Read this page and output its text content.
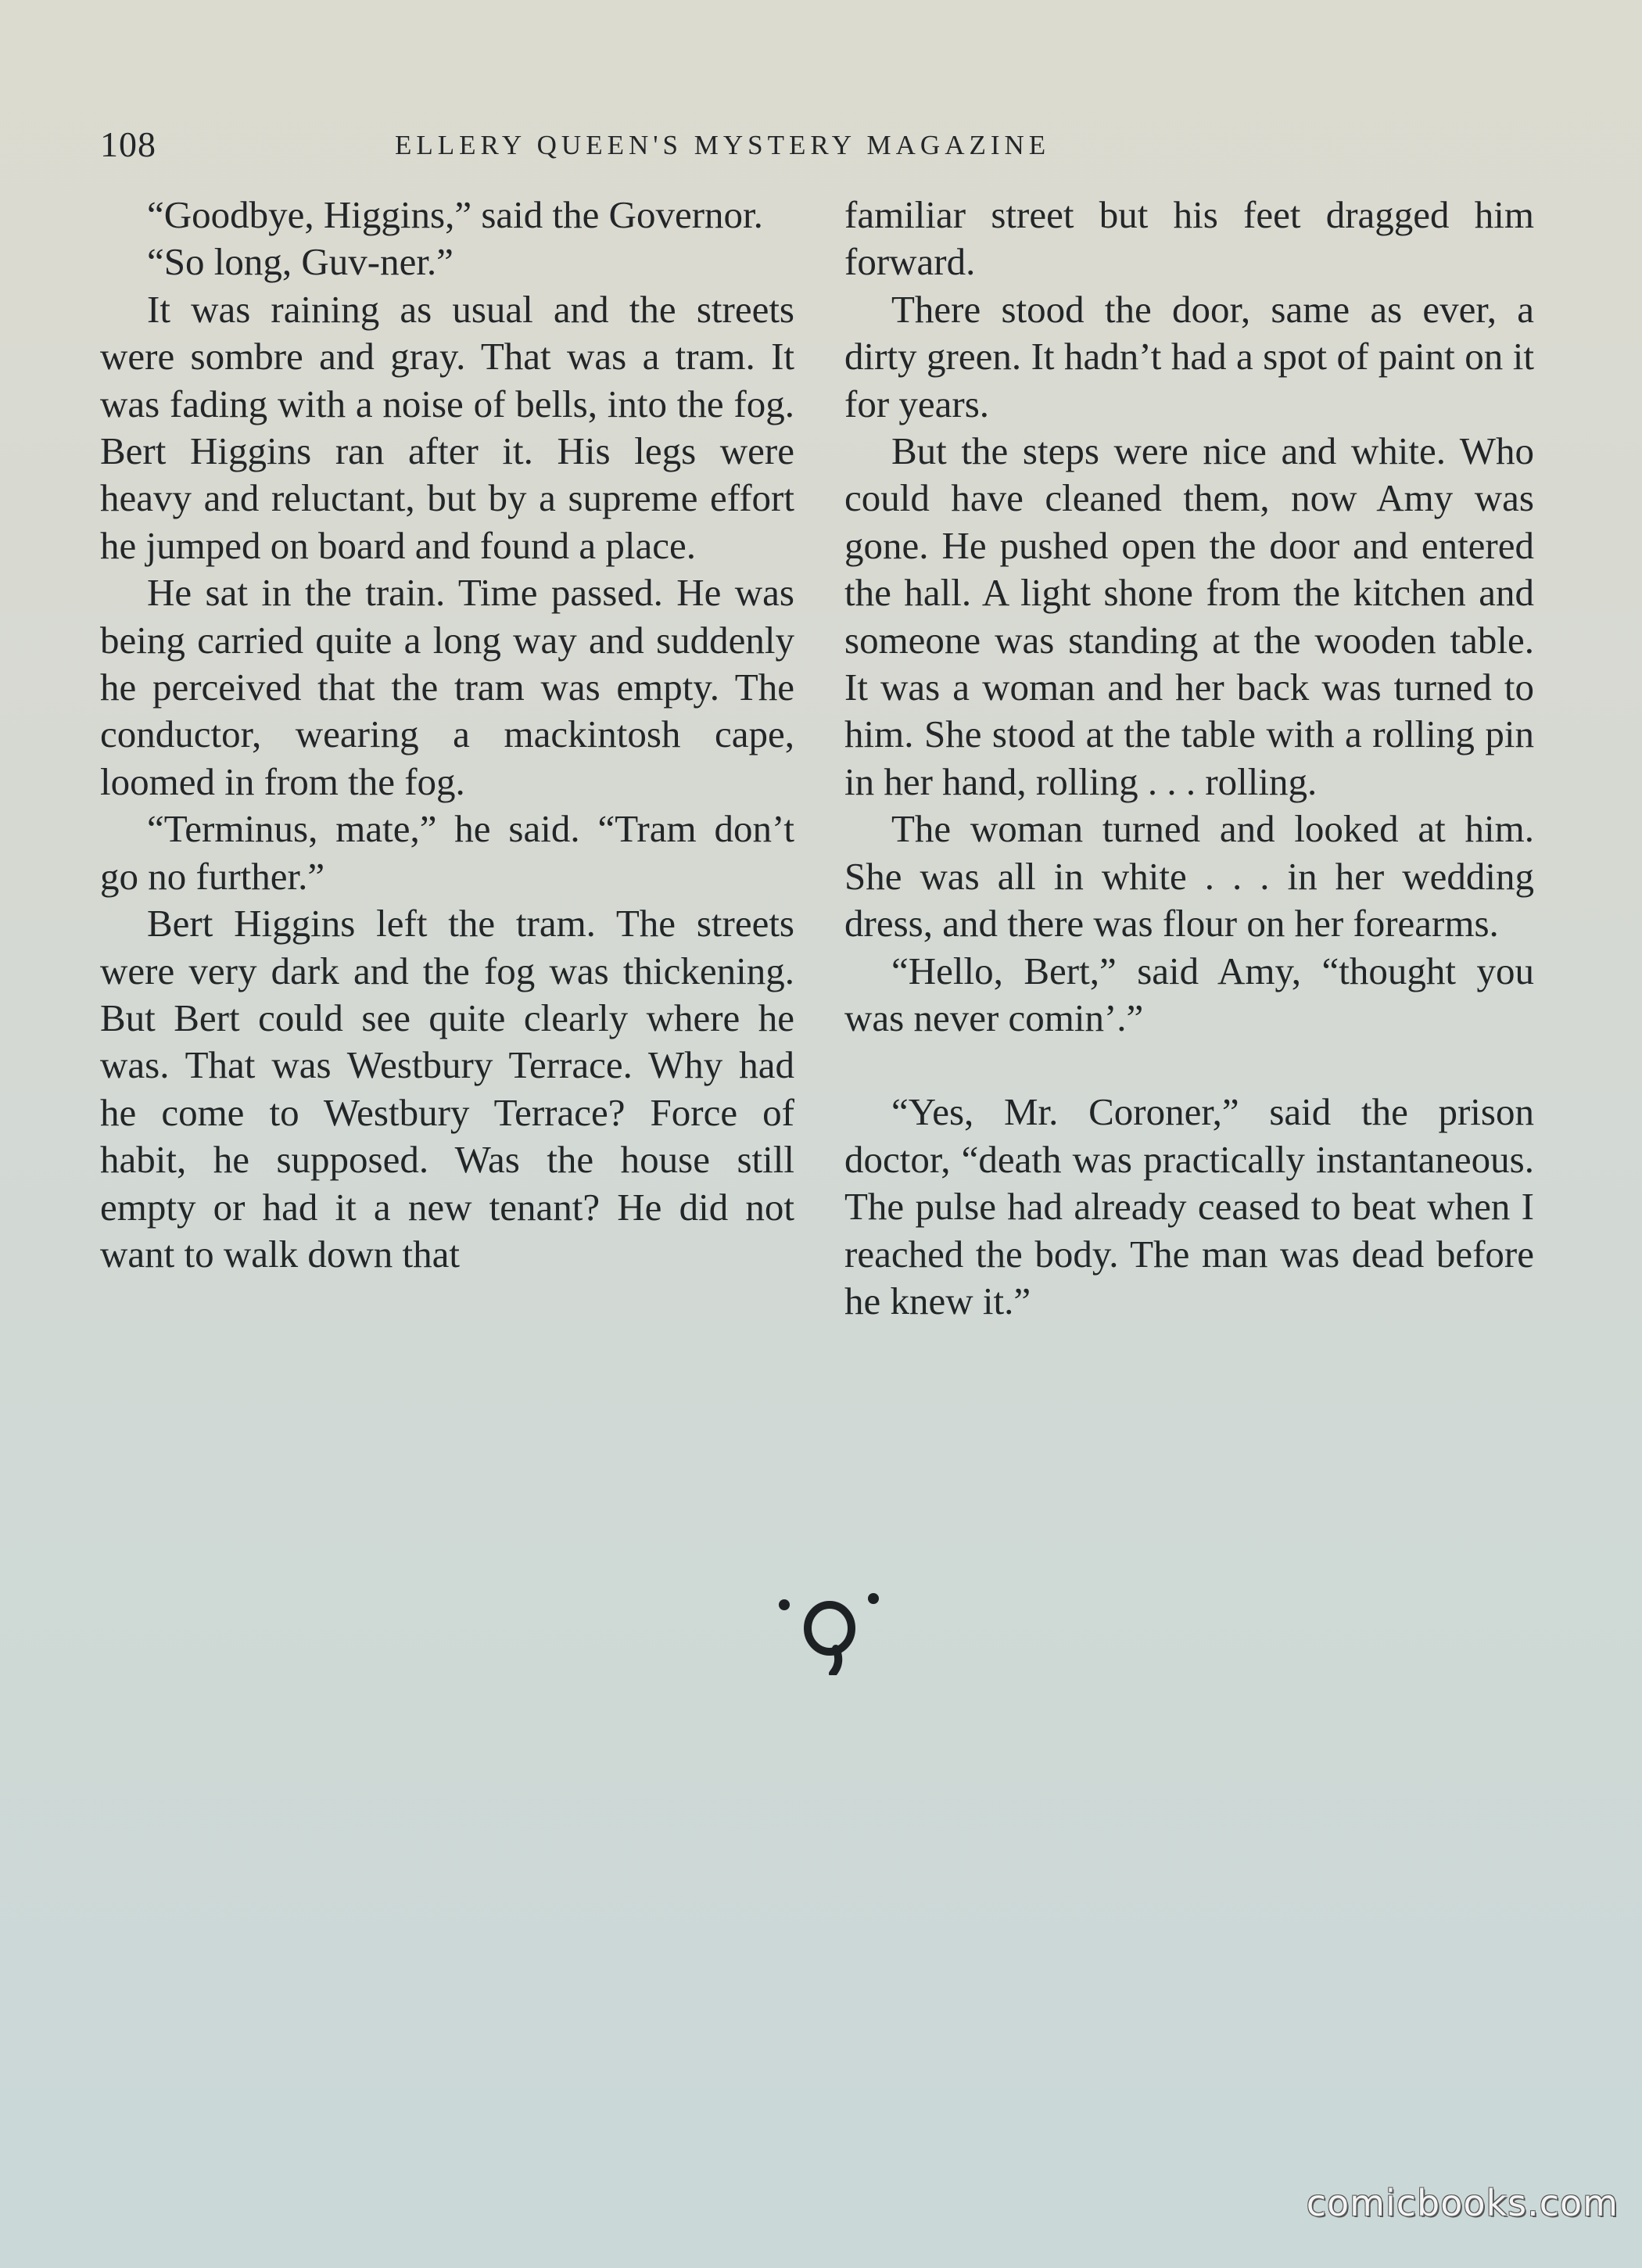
108	ELLERY QUEEN'S MYSTERY MAGAZINE

“Goodbye, Higgins,” said the Governor.

“So long, Guv-ner.”

It was raining as usual and the streets were sombre and gray. That was a tram. It was fading with a noise of bells, into the fog. Bert Higgins ran after it. His legs were heavy and reluctant, but by a supreme effort he jumped on board and found a place.

He sat in the train. Time passed. He was being carried quite a long way and suddenly he perceived that the tram was empty. The conductor, wearing a mackintosh cape, loomed in from the fog.

“Terminus, mate,” he said. “Tram don’t go no further.”

Bert Higgins left the tram. The streets were very dark and the fog was thickening. But Bert could see quite clearly where he was. That was Westbury Terrace. Why had he come to Westbury Terrace? Force of habit, he supposed. Was the house still empty or had it a new tenant? He did not want to walk down that

familiar street but his feet dragged him forward.

There stood the door, same as ever, a dirty green. It hadn’t had a spot of paint on it for years.

But the steps were nice and white. Who could have cleaned them, now Amy was gone. He pushed open the door and entered the hall. A light shone from the kitchen and someone was standing at the wooden table. It was a woman and her back was turned to him. She stood at the table with a rolling pin in her hand, rolling . . . rolling.

The woman turned and looked at him. She was all in white . . . in her wedding dress, and there was flour on her forearms.

“Hello, Bert,” said Amy, “thought you was never comin’.”

“Yes, Mr. Coroner,” said the prison doctor, “death was practically instantaneous. The pulse had already ceased to beat when I reached the body. The man was dead before he knew it.”

comicbooks.com
